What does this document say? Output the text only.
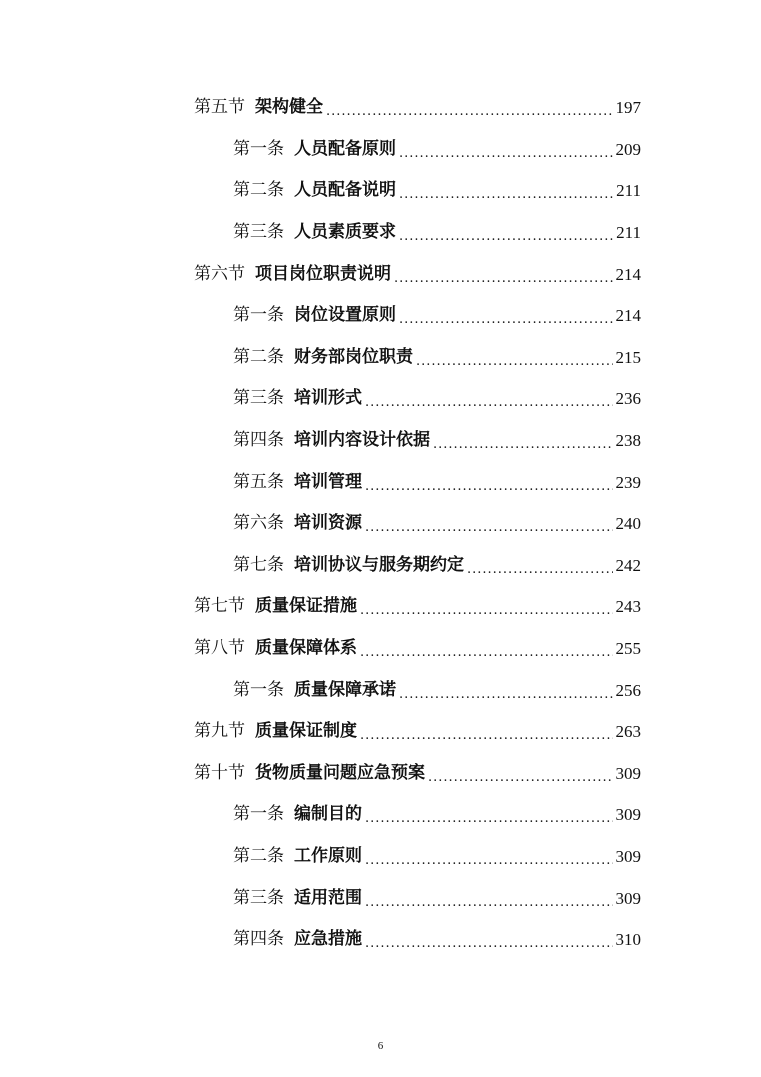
第五节 架构健全 .....	197
第一条 人员配备原则 .....	209
第二条 人员配备说明 .....	211
第三条 人员素质要求 .....	211
第六节 项目岗位职责说明 .....	214
第一条 岗位设置原则 .....	214
第二条 财务部岗位职责 .....	215
第三条 培训形式 .....	236
第四条 培训内容设计依据 .....	238
第五条 培训管理 .....	239
第六条 培训资源 .....	240
第七条 培训协议与服务期约定 .....	242
第七节 质量保证措施 .....	243
第八节 质量保障体系 .....	255
第一条 质量保障承诺 .....	256
第九节 质量保证制度 .....	263
第十节 货物质量问题应急预案 .....	309
第一条 编制目的 .....	309
第二条 工作原则 .....	309
第三条 适用范围 .....	309
第四条 应急措施 .....	310
6
